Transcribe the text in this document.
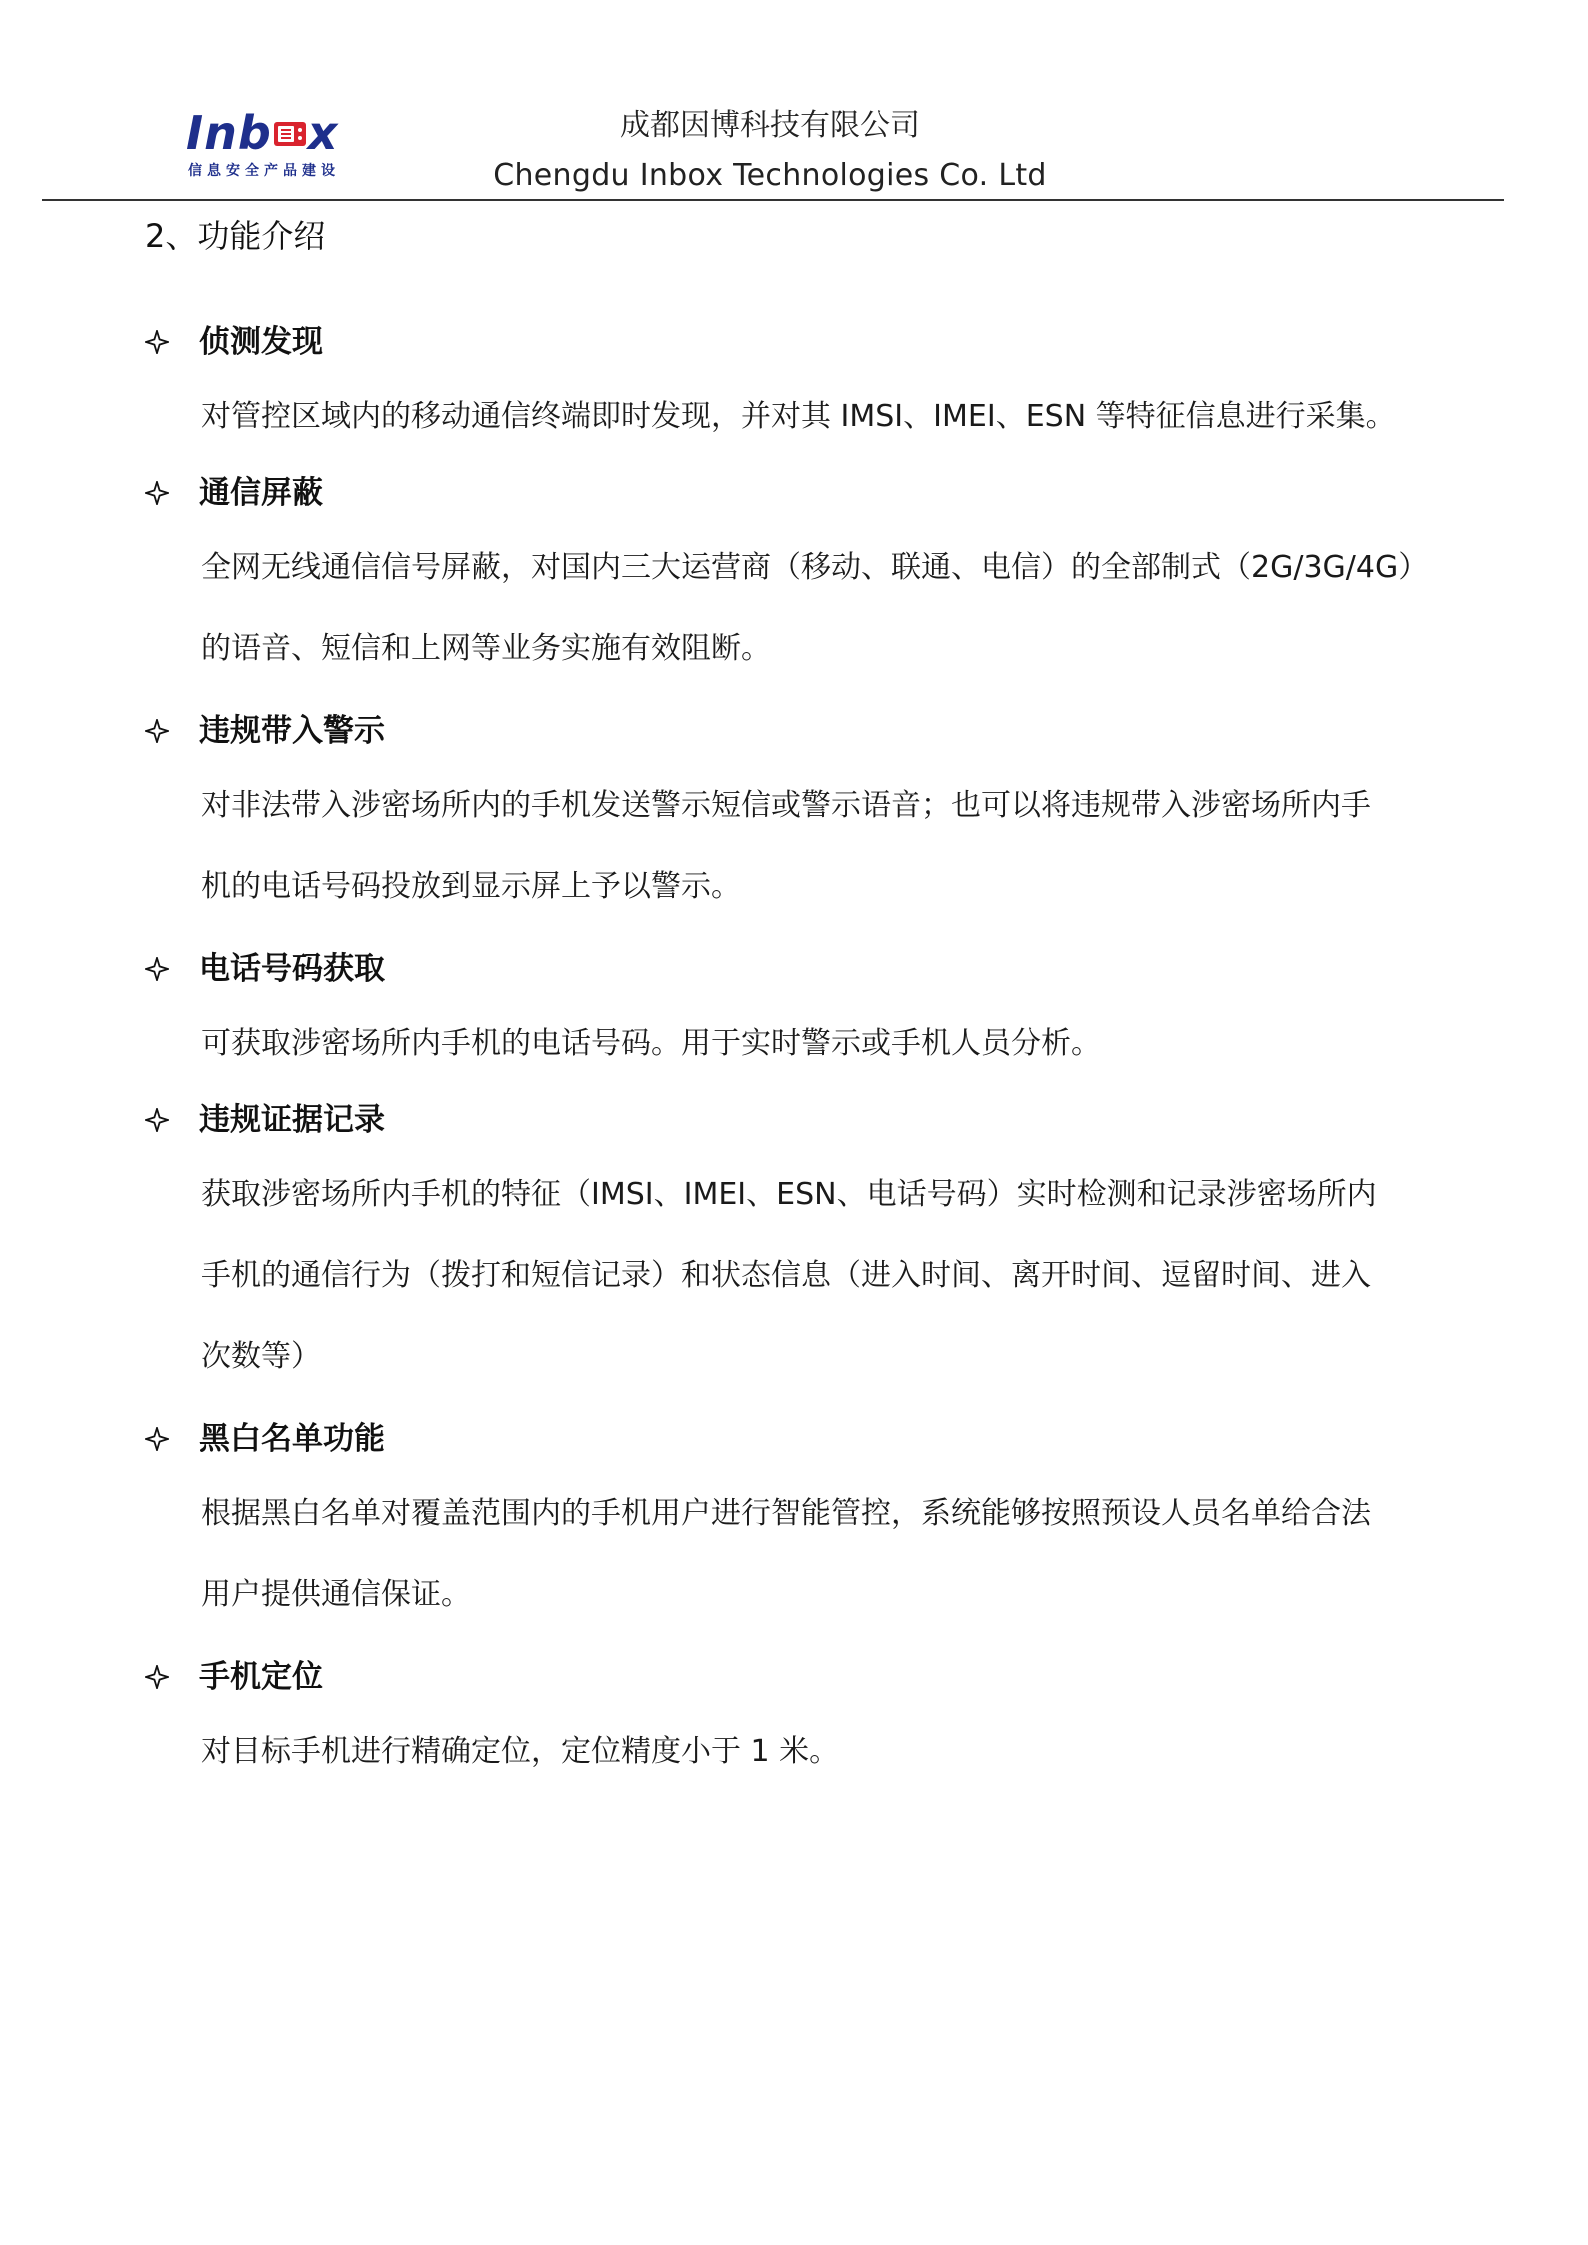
Inb x
信息安全产品建设
成都因博科技有限公司
Chengdu Inbox Technologies Co. Ltd
2、功能介绍
侦测发现
对管控区域内的移动通信终端即时发现，并对其 IMSI、IMEI、ESN 等特征信息进行采集。
通信屏蔽
全网无线通信信号屏蔽，对国内三大运营商（移动、联通、电信）的全部制式（2G/3G/4G）
的语音、短信和上网等业务实施有效阻断。
违规带入警示
对非法带入涉密场所内的手机发送警示短信或警示语音；也可以将违规带入涉密场所内手
机的电话号码投放到显示屏上予以警示。
电话号码获取
可获取涉密场所内手机的电话号码。用于实时警示或手机人员分析。
违规证据记录
获取涉密场所内手机的特征（IMSI、IMEI、ESN、电话号码）实时检测和记录涉密场所内
手机的通信行为（拨打和短信记录）和状态信息（进入时间、离开时间、逗留时间、进入
次数等）
黑白名单功能
根据黑白名单对覆盖范围内的手机用户进行智能管控，系统能够按照预设人员名单给合法
用户提供通信保证。
手机定位
对目标手机进行精确定位，定位精度小于 1 米。
